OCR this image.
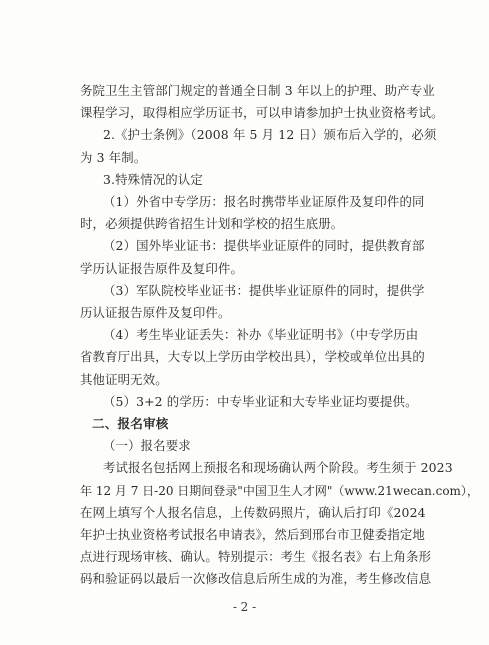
务院卫生主管部门规定的普通全日制 3 年以上的护理、助产专业
课程学习，取得相应学历证书，可以申请参加护士执业资格考试。
2.《护士条例》（2008 年 5 月 12 日）颁布后入学的，必须
为 3 年制。
3.特殊情况的认定
（1）外省中专学历：报名时携带毕业证原件及复印件的同
时，必须提供跨省招生计划和学校的招生底册。
（2）国外毕业证书：提供毕业证原件的同时，提供教育部
学历认证报告原件及复印件。
（3）军队院校毕业证书：提供毕业证原件的同时，提供学
历认证报告原件及复印件。
（4）考生毕业证丢失：补办《毕业证明书》（中专学历由
省教育厅出具，大专以上学历由学校出具），学校或单位出具的
其他证明无效。
（5）3+2 的学历：中专毕业证和大专毕业证均要提供。
二、报名审核
（一）报名要求
考试报名包括网上预报名和现场确认两个阶段。考生须于 2023
年 12 月 7 日-20 日期间登录"中国卫生人才网"（www.21wecan.com），
在网上填写个人报名信息，上传数码照片，确认后打印《2024
年护士执业资格考试报名申请表》，然后到邢台市卫健委指定地
点进行现场审核、确认。特别提示：考生《报名表》右上角条形
码和验证码以最后一次修改信息后所生成的为准，考生修改信息
- 2 -
